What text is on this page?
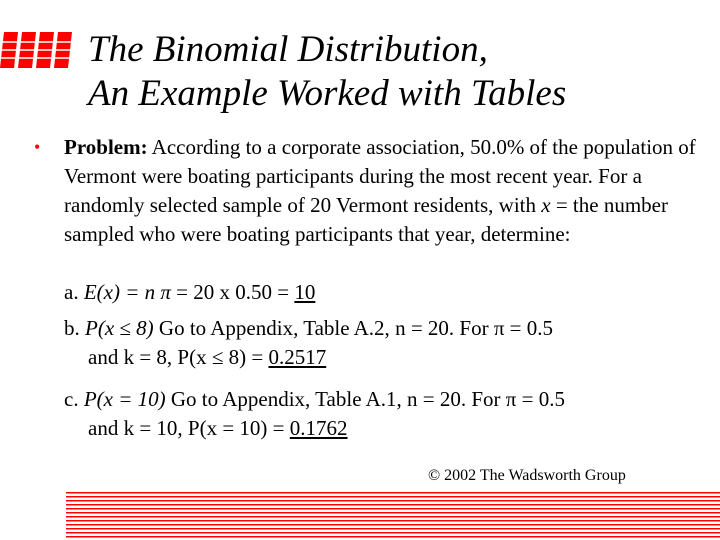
The Binomial Distribution,
An Example Worked with Tables
• Problem: According to a corporate association, 50.0% of the population of Vermont were boating participants during the most recent year. For a randomly selected sample of 20 Vermont residents, with x = the number sampled who were boating participants that year, determine:

a. E(x) = n π = 20 x 0.50 = 10
b. P(x ≤ 8) Go to Appendix, Table A.2, n = 20. For π = 0.5
and k = 8, P(x ≤ 8) = 0.2517
c. P(x = 10) Go to Appendix, Table A.1, n = 20. For π = 0.5
and k = 10, P(x = 10) = 0.1762
© 2002 The Wadsworth Group
